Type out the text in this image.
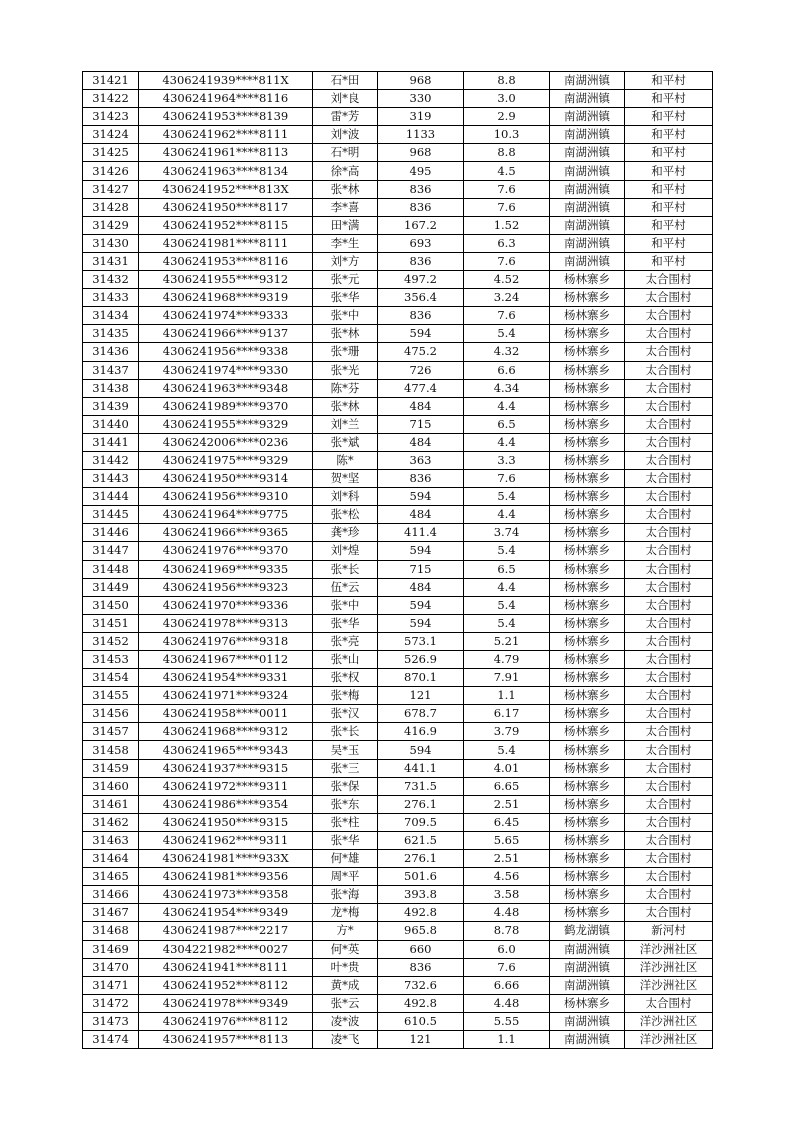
31421	4306241939****811X	石*田	968	8.8	南湖洲镇	和平村
31422	4306241964****8116	刘*良	330	3.0	南湖洲镇	和平村
31423	4306241953****8139	雷*芳	319	2.9	南湖洲镇	和平村
31424	4306241962****8111	刘*波	1133	10.3	南湖洲镇	和平村
31425	4306241961****8113	石*明	968	8.8	南湖洲镇	和平村
31426	4306241963****8134	徐*高	495	4.5	南湖洲镇	和平村
31427	4306241952****813X	张*林	836	7.6	南湖洲镇	和平村
31428	4306241950****8117	李*喜	836	7.6	南湖洲镇	和平村
31429	4306241952****8115	田*满	167.2	1.52	南湖洲镇	和平村
31430	4306241981****8111	李*生	693	6.3	南湖洲镇	和平村
31431	4306241953****8116	刘*方	836	7.6	南湖洲镇	和平村
31432	4306241955****9312	张*元	497.2	4.52	杨林寨乡	太合围村
31433	4306241968****9319	张*华	356.4	3.24	杨林寨乡	太合围村
31434	4306241974****9333	张*中	836	7.6	杨林寨乡	太合围村
31435	4306241966****9137	张*林	594	5.4	杨林寨乡	太合围村
31436	4306241956****9338	张*珊	475.2	4.32	杨林寨乡	太合围村
31437	4306241974****9330	张*光	726	6.6	杨林寨乡	太合围村
31438	4306241963****9348	陈*芬	477.4	4.34	杨林寨乡	太合围村
31439	4306241989****9370	张*林	484	4.4	杨林寨乡	太合围村
31440	4306241955****9329	刘*兰	715	6.5	杨林寨乡	太合围村
31441	4306242006****0236	张*斌	484	4.4	杨林寨乡	太合围村
31442	4306241975****9329	陈*	363	3.3	杨林寨乡	太合围村
31443	4306241950****9314	贺*坚	836	7.6	杨林寨乡	太合围村
31444	4306241956****9310	刘*科	594	5.4	杨林寨乡	太合围村
31445	4306241964****9775	张*松	484	4.4	杨林寨乡	太合围村
31446	4306241966****9365	龚*珍	411.4	3.74	杨林寨乡	太合围村
31447	4306241976****9370	刘*煌	594	5.4	杨林寨乡	太合围村
31448	4306241969****9335	张*长	715	6.5	杨林寨乡	太合围村
31449	4306241956****9323	伍*云	484	4.4	杨林寨乡	太合围村
31450	4306241970****9336	张*中	594	5.4	杨林寨乡	太合围村
31451	4306241978****9313	张*华	594	5.4	杨林寨乡	太合围村
31452	4306241976****9318	张*亮	573.1	5.21	杨林寨乡	太合围村
31453	4306241967****0112	张*山	526.9	4.79	杨林寨乡	太合围村
31454	4306241954****9331	张*权	870.1	7.91	杨林寨乡	太合围村
31455	4306241971****9324	张*梅	121	1.1	杨林寨乡	太合围村
31456	4306241958****0011	张*汉	678.7	6.17	杨林寨乡	太合围村
31457	4306241968****9312	张*长	416.9	3.79	杨林寨乡	太合围村
31458	4306241965****9343	吴*玉	594	5.4	杨林寨乡	太合围村
31459	4306241937****9315	张*三	441.1	4.01	杨林寨乡	太合围村
31460	4306241972****9311	张*保	731.5	6.65	杨林寨乡	太合围村
31461	4306241986****9354	张*东	276.1	2.51	杨林寨乡	太合围村
31462	4306241950****9315	张*柱	709.5	6.45	杨林寨乡	太合围村
31463	4306241962****9311	张*华	621.5	5.65	杨林寨乡	太合围村
31464	4306241981****933X	何*雄	276.1	2.51	杨林寨乡	太合围村
31465	4306241981****9356	周*平	501.6	4.56	杨林寨乡	太合围村
31466	4306241973****9358	张*海	393.8	3.58	杨林寨乡	太合围村
31467	4306241954****9349	龙*梅	492.8	4.48	杨林寨乡	太合围村
31468	4306241987****2217	方*	965.8	8.78	鹤龙湖镇	新河村
31469	4304221982****0027	何*英	660	6.0	南湖洲镇	洋沙洲社区
31470	4306241941****8111	叶*贵	836	7.6	南湖洲镇	洋沙洲社区
31471	4306241952****8112	黄*成	732.6	6.66	南湖洲镇	洋沙洲社区
31472	4306241978****9349	张*云	492.8	4.48	杨林寨乡	太合围村
31473	4306241976****8112	凌*波	610.5	5.55	南湖洲镇	洋沙洲社区
31474	4306241957****8113	凌*飞	121	1.1	南湖洲镇	洋沙洲社区
